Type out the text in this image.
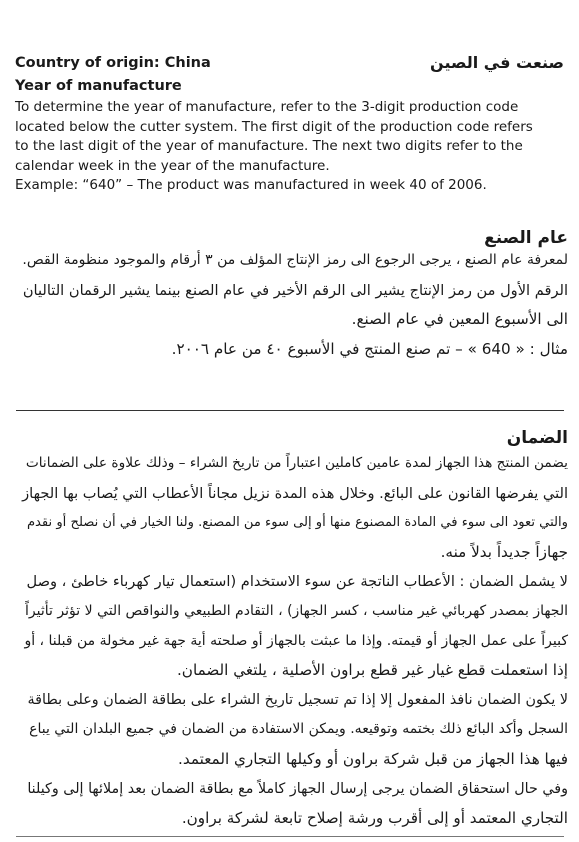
Country of origin: China	صنعت في الصين
Year of manufacture

To determine the year of manufacture, refer to the 3-digit production code

located below the cutter system. The first digit of the production code refers

to the last digit of the year of manufacture. The next two digits refer to the

calendar week in the year of the manufacture.

Example: “640” – The product was manufactured in week 40 of 2006.

عام الصنع
لمعرفة عام الصنع ، يرجى الرجوع الى رمز الإنتاج المؤلف من ٣ أرقام والموجود منظومة القص.
الرقم الأول من رمز الإنتاج يشير الى الرقم الأخير في عام الصنع بينما يشير الرقمان التاليان
الى الأسبوع المعين في عام الصنع.
مثال : « 640 » – تم صنع المنتج في الأسبوع ٤٠ من عام ٢٠٠٦.
الضمان
يضمن المنتج هذا الجهاز لمدة عامين كاملين اعتباراً من تاريخ الشراء – وذلك علاوة على الضمانات
التي يفرضها القانون على البائع. وخلال هذه المدة نزيل مجاناً الأعطاب التي يُصاب بها الجهاز
والتي تعود الى سوء في المادة المصنوع منها أو إلى سوء من المصنع. ولنا الخيار في أن نصلح أو نقدم
جهازاً جديداً بدلاً منه.
لا يشمل الضمان : الأعطاب الناتجة عن سوء الاستخدام (استعمال تيار كهرباء خاطئ ، وصل
الجهاز بمصدر كهربائي غير مناسب ، كسر الجهاز) ، التقادم الطبيعي والنواقص التي لا تؤثر تأثيراً
كبيراً على عمل الجهاز أو قيمته. وإذا ما عبثت بالجهاز أو صلحته أية جهة غير مخولة من قبلنا ، أو
إذا استعملت قطع غيار غير قطع براون الأصلية ، يلتغي الضمان.
لا يكون الضمان نافذ المفعول إلا إذا تم تسجيل تاريخ الشراء على بطاقة الضمان وعلى بطاقة
السجل وأكد البائع ذلك بختمه وتوقيعه. ويمكن الاستفادة من الضمان في جميع البلدان التي يباع
فيها هذا الجهاز من قبل شركة براون أو وكيلها التجاري المعتمد.
وفي حال استحقاق الضمان يرجى إرسال الجهاز كاملاً مع بطاقة الضمان بعد إملائها إلى وكيلنا
التجاري المعتمد أو إلى أقرب ورشة إصلاح تابعة لشركة براون.
